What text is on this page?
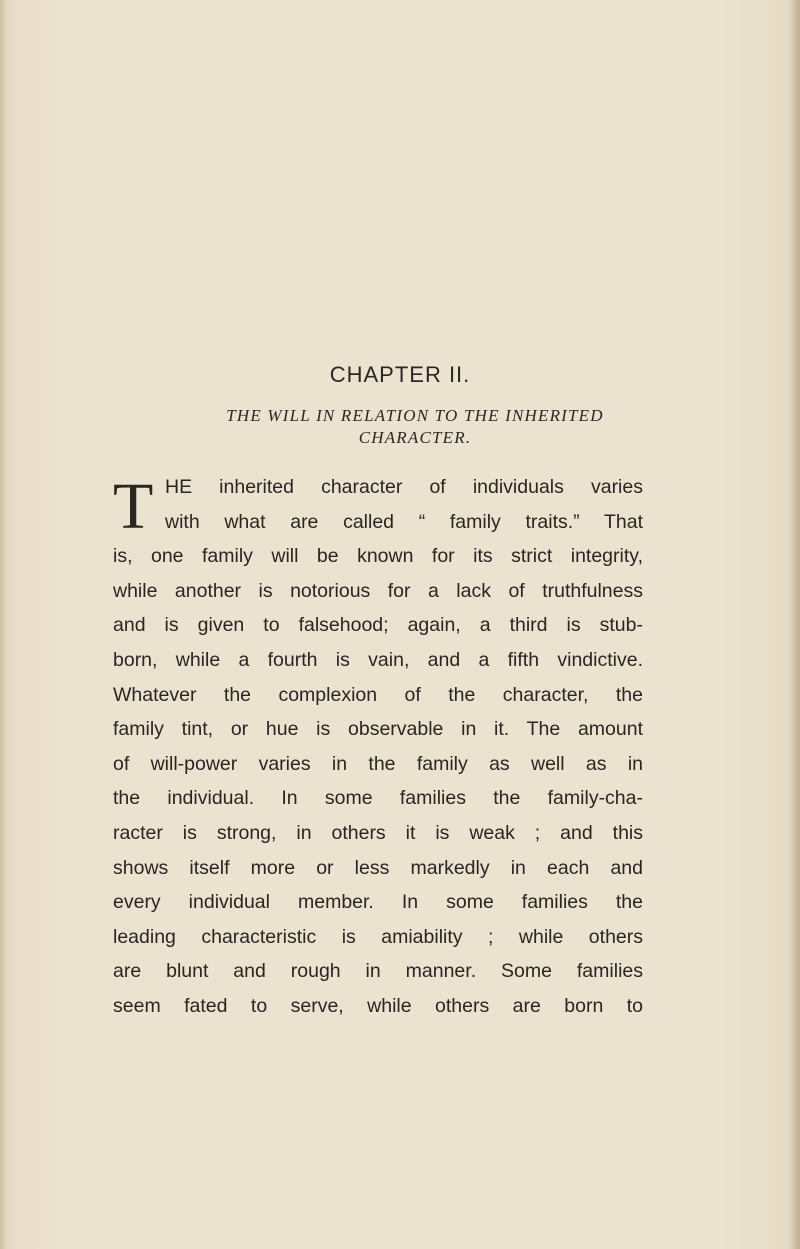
CHAPTER II.
THE WILL IN RELATION TO THE INHERITED
CHARACTER.
T HE inherited character of individuals varies
with what are called “ family traits.” That
is, one family will be known for its strict integrity,
while another is notorious for a lack of truthfulness
and is given to falsehood; again, a third is stub-
born, while a fourth is vain, and a fifth vindictive.
Whatever the complexion of the character, the
family tint, or hue is observable in it. The amount
of will-power varies in the family as well as in
the individual. In some families the family-cha-
racter is strong, in others it is weak ; and this
shows itself more or less markedly in each and
every individual member. In some families the
leading characteristic is amiability ; while others
are blunt and rough in manner. Some families
seem fated to serve, while others are born to
